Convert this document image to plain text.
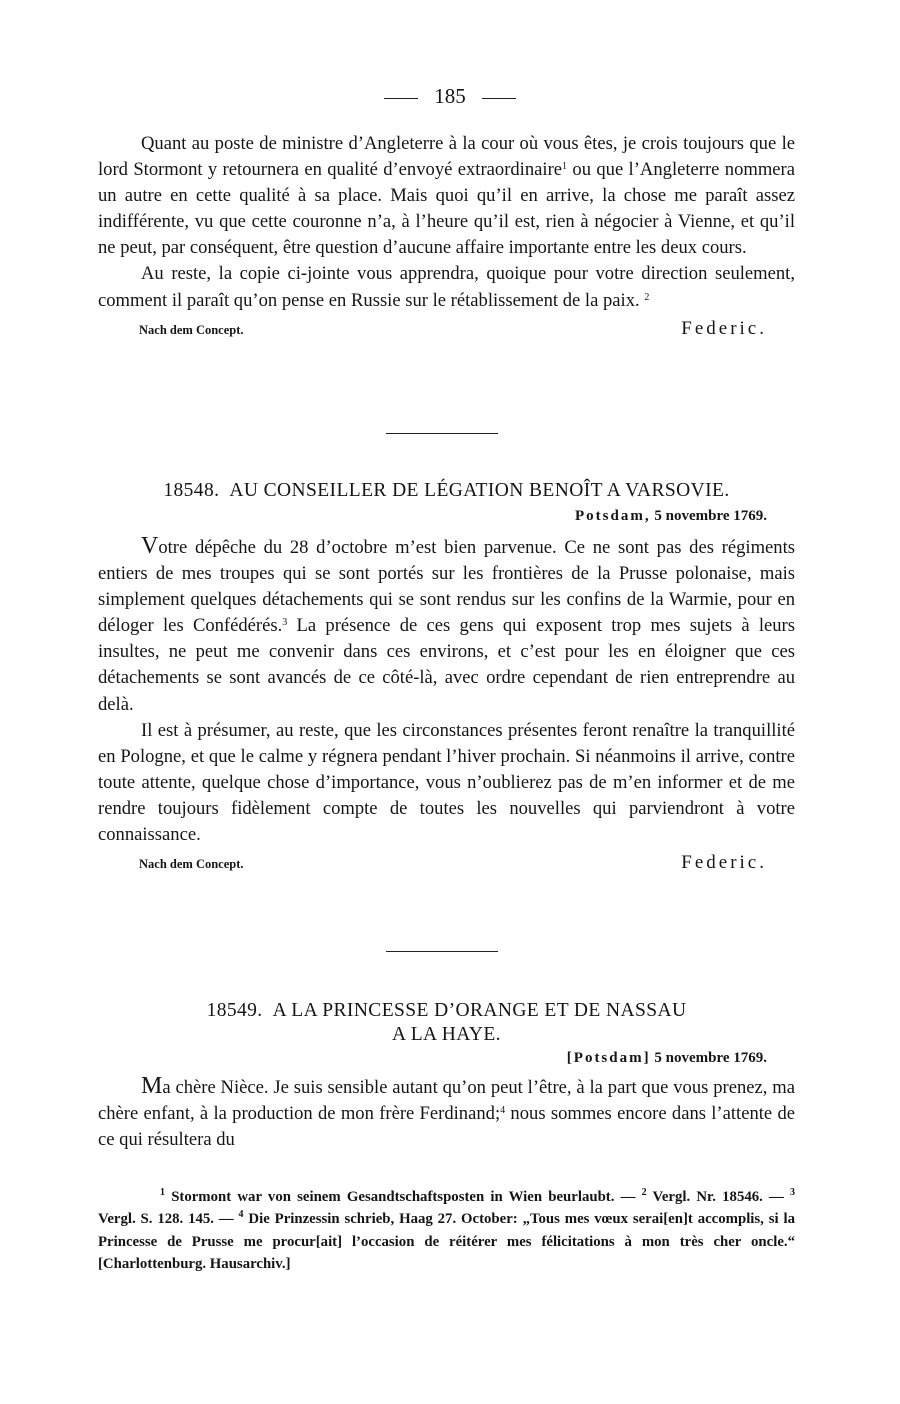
185

Quant au poste de ministre d’Angleterre à la cour où vous êtes, je crois toujours que le lord Stormont y retournera en qualité d’envoyé extraordinaire$^1$ ou que l’Angleterre nommera un autre en cette qualité à sa place. Mais quoi qu’il en arrive, la chose me paraît assez indifférente, vu que cette couronne n’a, à l’heure qu’il est, rien à négocier à Vienne, et qu’il ne peut, par conséquent, être question d’aucune affaire importante entre les deux cours.

Au reste, la copie ci-jointe vous apprendra, quoique pour votre direction seulement, comment il paraît qu’on pense en Russie sur le rétablissement de la paix. $^2$

Nach dem Concept.	Federic.
18548. AU CONSEILLER DE LÉGATION BENOÎT A VARSOVIE.
Potsdam, 5 novembre 1769.

Votre dépêche du 28 d’octobre m’est bien parvenue. Ce ne sont pas des régiments entiers de mes troupes qui se sont portés sur les frontières de la Prusse polonaise, mais simplement quelques détachements qui se sont rendus sur les confins de la Warmie, pour en déloger les Confédérés.$^3$ La présence de ces gens qui exposent trop mes sujets à leurs insultes, ne peut me convenir dans ces environs, et c’est pour les en éloigner que ces détachements se sont avancés de ce côté-là, avec ordre cependant de rien entreprendre au delà.

Il est à présumer, au reste, que les circonstances présentes feront renaître la tranquillité en Pologne, et que le calme y régnera pendant l’hiver prochain. Si néanmoins il arrive, contre toute attente, quelque chose d’importance, vous n’oublierez pas de m’en informer et de me rendre toujours fidèlement compte de toutes les nouvelles qui parviendront à votre connaissance.

Nach dem Concept.	Federic.
18549. A LA PRINCESSE D’ORANGE ET DE NASSAU
A LA HAYE.
[Potsdam] 5 novembre 1769.

Ma chère Nièce. Je suis sensible autant qu’on peut l’être, à la part que vous prenez, ma chère enfant, à la production de mon frère Ferdinand;$^4$ nous sommes encore dans l’attente de ce qui résultera du

$^1$ Stormont war von seinem Gesandtschaftsposten in Wien beurlaubt. — $^2$ Vergl. Nr. 18546. — $^3$ Vergl. S. 128. 145. — $^4$ Die Prinzessin schrieb, Haag 27. October: „Tous mes vœux serai[en]t accomplis, si la Princesse de Prusse me procur[ait] l’occasion de réitérer mes félicitations à mon très cher oncle.“ [Charlottenburg. Hausarchiv.]
